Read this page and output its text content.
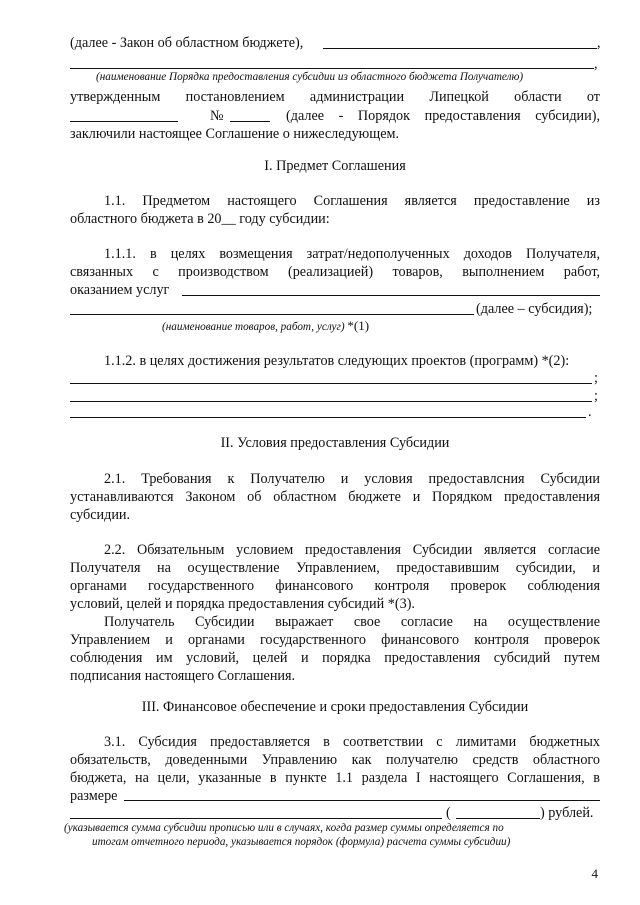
(далее - Закон об областном бюджете),	,
,
(наименование Порядка предоставления субсидии из областного бюджета Получателю)
утвержденным постановлением администрации Липецкой области от
№	(далее - Порядок предоставления субсидии),
заключили настоящее Соглашение о нижеследующем.
I. Предмет Соглашения
1.1. Предметом настоящего Соглашения является предоставление из
областного бюджета в 20__ году субсидии:
1.1.1. в целях возмещения затрат/недополученных доходов Получателя,
связанных с производством (реализацией) товаров, выполнением работ,
оказанием услуг
(далее – субсидия);
(наименование товаров, работ, услуг) *(1)
1.1.2. в целях достижения результатов следующих проектов (программ) *(2):
;
;
.
II. Условия предоставления Субсидии
2.1. Требования к Получателю и условия предоставлсния Субсидии
устанавливаются Законом об областном бюджете и Порядком предоставления
субсидии.
2.2. Обязательным условием предоставления Субсидии является согласие
Получателя на осуществление Управлением, предоставившим субсидии, и
органами государственного финансового контроля проверок соблюдения
условий, целей и порядка предоставления субсидий *(3).
Получатель Субсидии выражает свое согласие на осуществление
Управлением и органами государственного финансового контроля проверок
соблюдения им условий, целей и порядка предоставления субсидий путем
подписания настоящего Соглашения.
III. Финансовое обеспечение и сроки предоставления Субсидии
3.1. Субсидия предоставляется в соответствии с лимитами бюджетных
обязательств, доведенными Управлению как получателю средств областного
бюджета, на цели, указанные в пункте 1.1 раздела I настоящего Соглашения, в
размере
(	) рублей.
(указывается сумма субсидии прописью или в случаях, когда размер суммы определяется по
итогам отчетного периода, указывается порядок (формула) расчета суммы субсидии)
4
